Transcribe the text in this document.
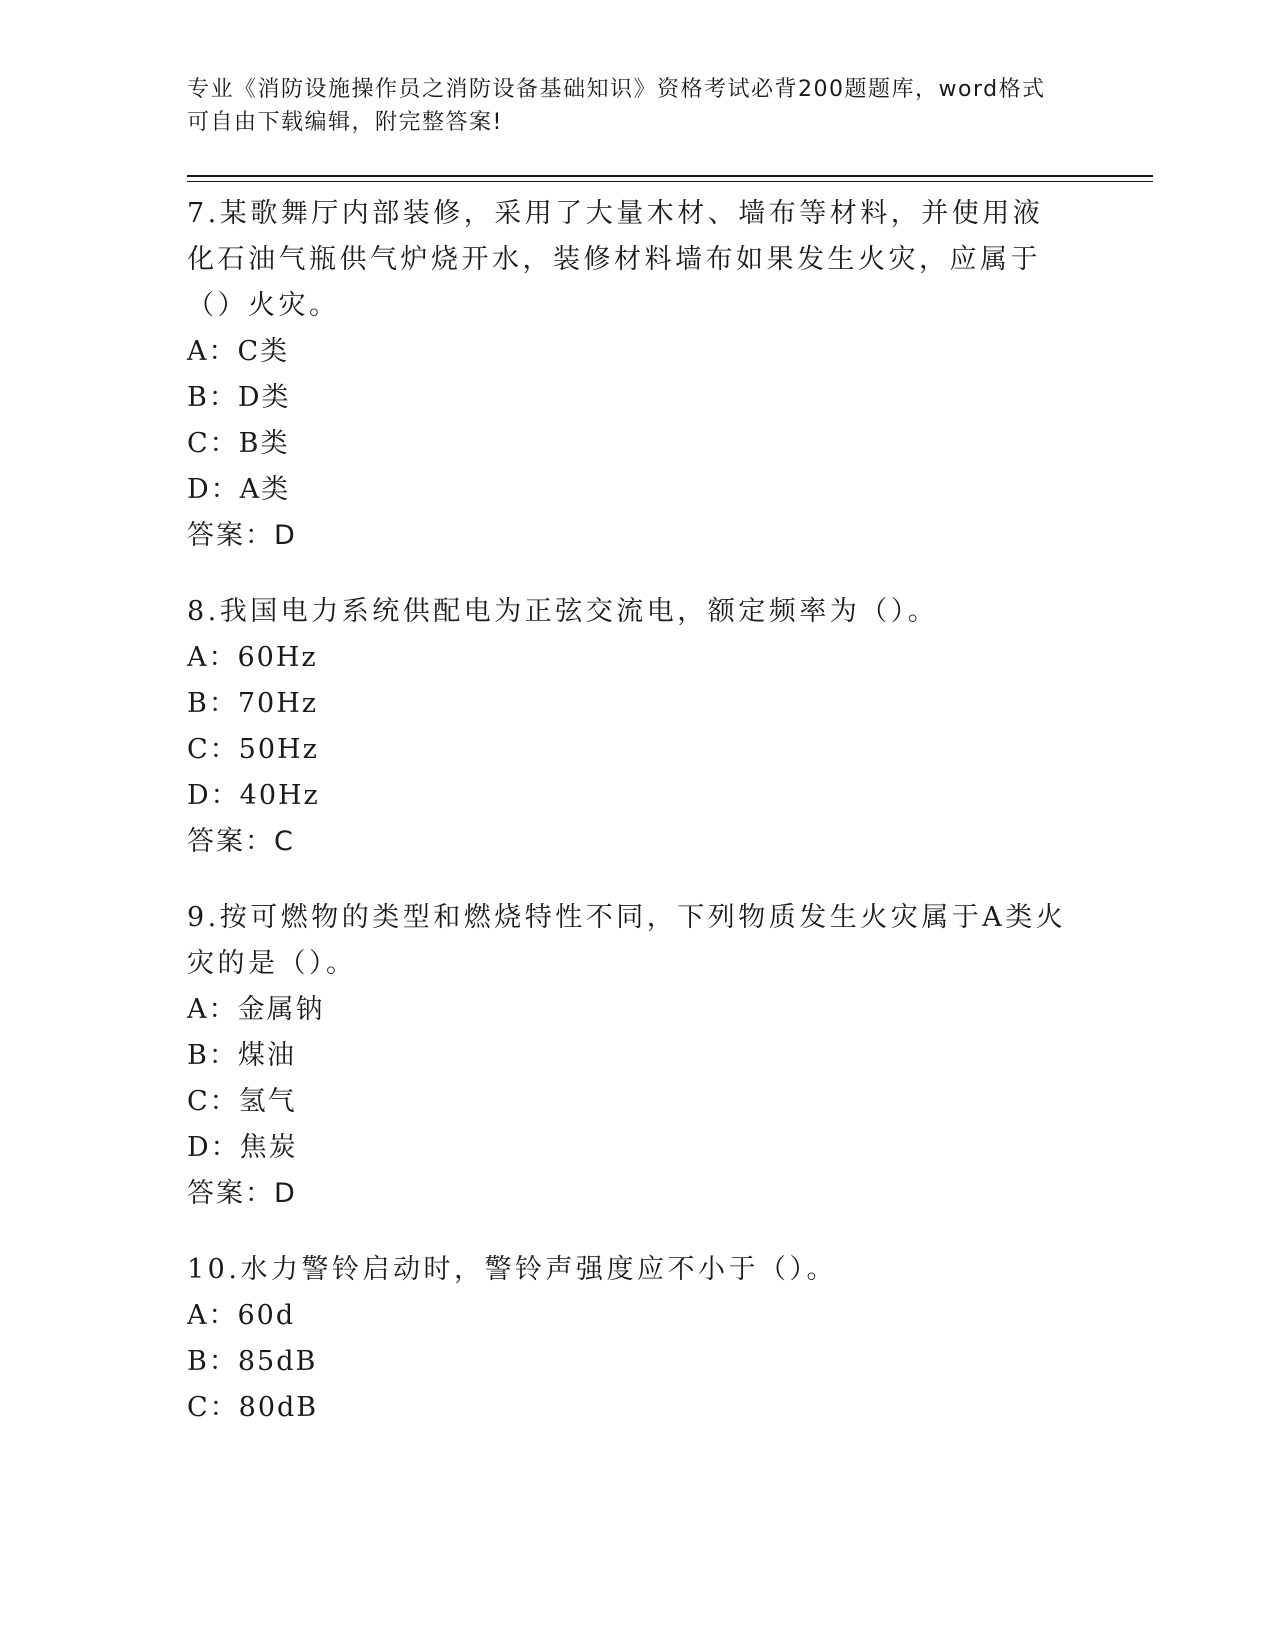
专业《消防设施操作员之消防设备基础知识》资格考试必背200题题库，word格式可自由下载编辑，附完整答案!

7.某歌舞厅内部装修，采用了大量木材、墙布等材料，并使用液化石油气瓶供气炉烧开水，装修材料墙布如果发生火灾，应属于（）火灾。

A：C类

B：D类

C：B类

D：A类

答案：D

8.我国电力系统供配电为正弦交流电，额定频率为（）。

A：60Hz

B：70Hz

C：50Hz

D：40Hz

答案：C

9.按可燃物的类型和燃烧特性不同，下列物质发生火灾属于A类火灾的是（）。

A：金属钠

B：煤油

C：氢气

D：焦炭

答案：D

10.水力警铃启动时，警铃声强度应不小于（）。

A：60d

B：85dB

C：80dB
